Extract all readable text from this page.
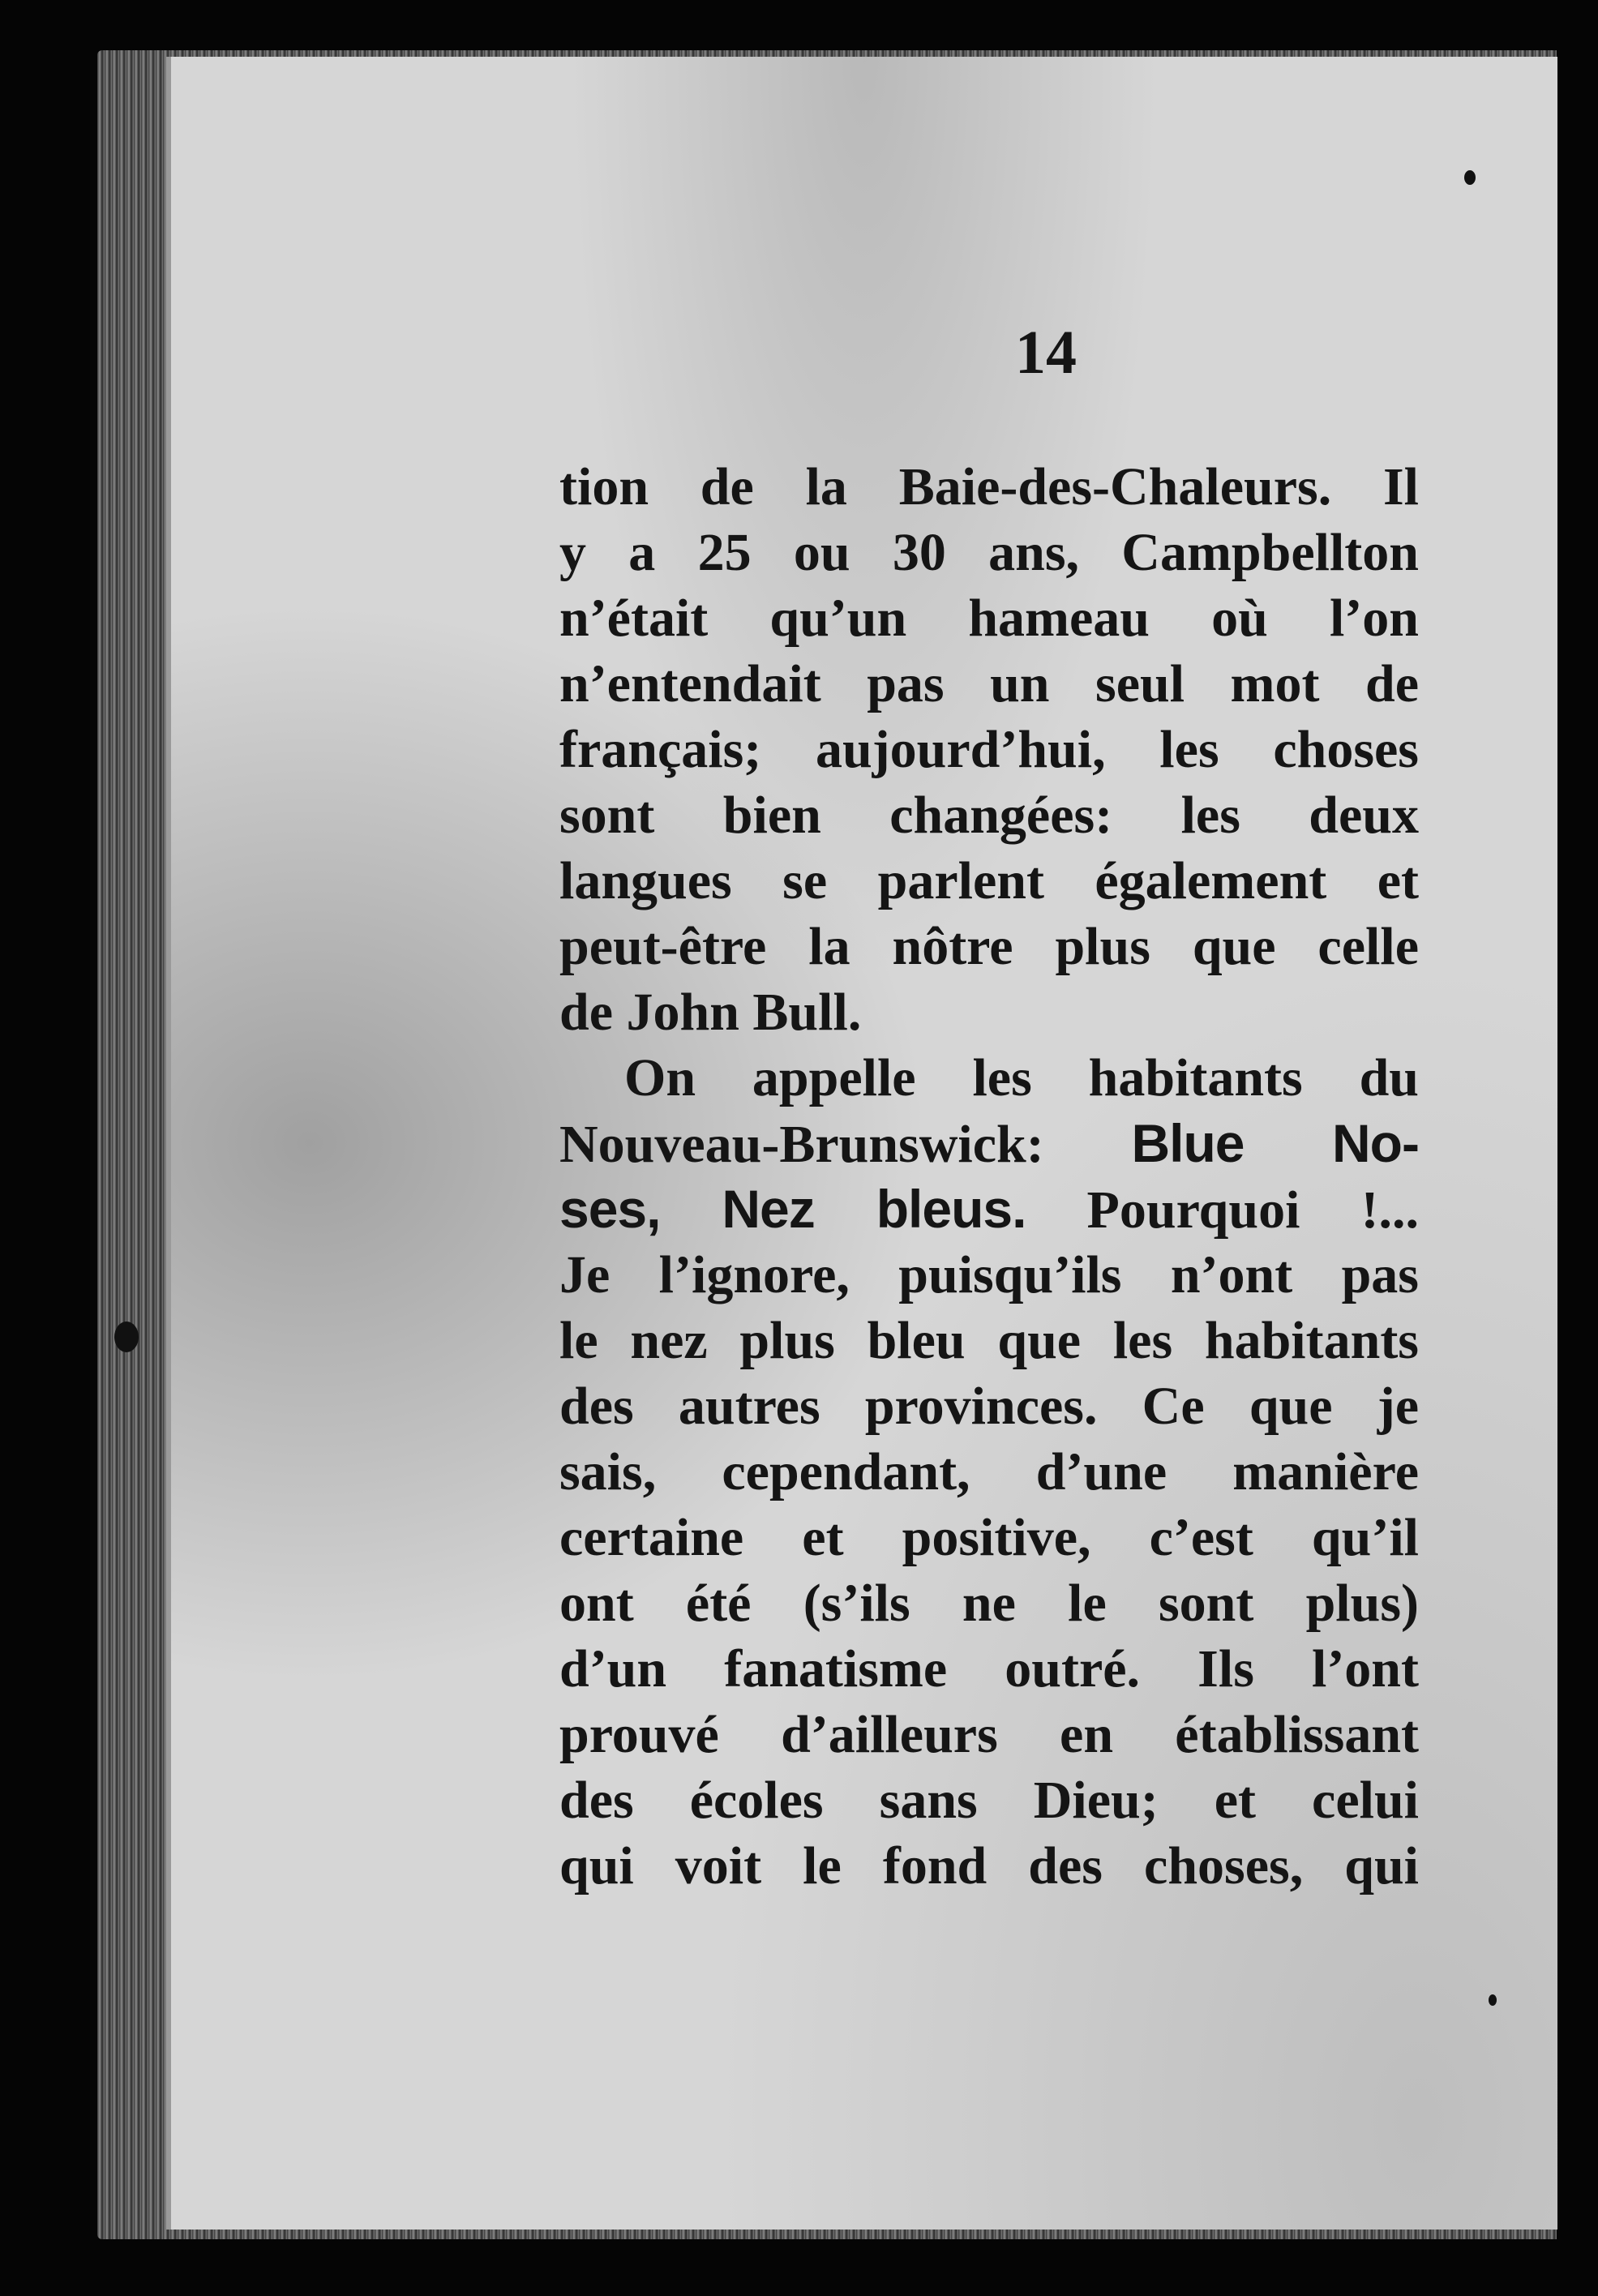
14
tion de la Baie-des-Chaleurs. Il
y a 25 ou 30 ans, Campbellton
n’était qu’un hameau où l’on
n’entendait pas un seul mot de
français; aujourd’hui, les choses
sont bien changées: les deux
langues se parlent également et
peut-être la nôtre plus que celle
de John Bull.
On appelle les habitants du
Nouveau-Brunswick: Blue No-
ses, Nez bleus. Pourquoi !...
Je l’ignore, puisqu’ils n’ont pas
le nez plus bleu que les habitants
des autres provinces. Ce que je
sais, cependant, d’une manière
certaine et positive, c’est qu’il
ont été (s’ils ne le sont plus)
d’un fanatisme outré. Ils l’ont
prouvé d’ailleurs en établissant
des écoles sans Dieu; et celui
qui voit le fond des choses, qui
